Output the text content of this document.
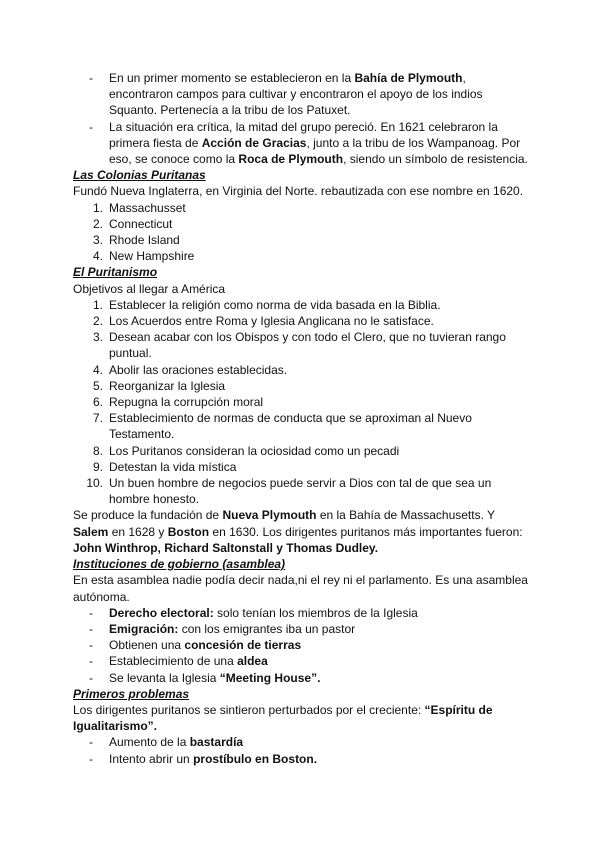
- En un primer momento se establecieron en la Bahía de Plymouth, encontraron campos para cultivar y encontraron el apoyo de los indios Squanto. Pertenecía a la tribu de los Patuxet.
- La situación era crítica, la mitad del grupo pereció. En 1621 celebraron la primera fiesta de Acción de Gracias, junto a la tribu de los Wampanoag. Por eso, se conoce como la Roca de Plymouth, siendo un símbolo de resistencia.
Las Colonias Puritanas
Fundó Nueva Inglaterra, en Virginia del Norte. rebautizada con ese nombre en 1620.
1. Massachusset
2. Connecticut
3. Rhode Island
4. New Hampshire
El Puritanismo
Objetivos al llegar a América
1. Establecer la religión como norma de vida basada en la Biblia.
2. Los Acuerdos entre Roma y Iglesia Anglicana no le satisface.
3. Desean acabar con los Obispos y con todo el Clero, que no tuvieran rango puntual.
4. Abolir las oraciones establecidas.
5. Reorganizar la Iglesia
6. Repugna la corrupción moral
7. Establecimiento de normas de conducta que se aproximan al Nuevo Testamento.
8. Los Puritanos consideran la ociosidad como un pecadi
9. Detestan la vida mística
10. Un buen hombre de negocios puede servir a Dios con tal de que sea un hombre honesto.
Se produce la fundación de Nueva Plymouth en la Bahía de Massachusetts. Y Salem en 1628 y Boston en 1630. Los dirigentes puritanos más importantes fueron:
John Winthrop, Richard Saltonstall y Thomas Dudley.
Instituciones de gobierno (asamblea)
En esta asamblea nadie podía decir nada,ni el rey ni el parlamento. Es una asamblea autónoma.
- Derecho electoral: solo tenían los miembros de la Iglesia
- Emigración: con los emigrantes iba un pastor
- Obtienen una concesión de tierras
- Establecimiento de una aldea
- Se levanta la Iglesia “Meeting House”.
Primeros problemas
Los dirigentes puritanos se sintieron perturbados por el creciente: “Espíritu de Igualitarismo”.
- Aumento de la bastardía
- Intento abrir un prostíbulo en Boston.
